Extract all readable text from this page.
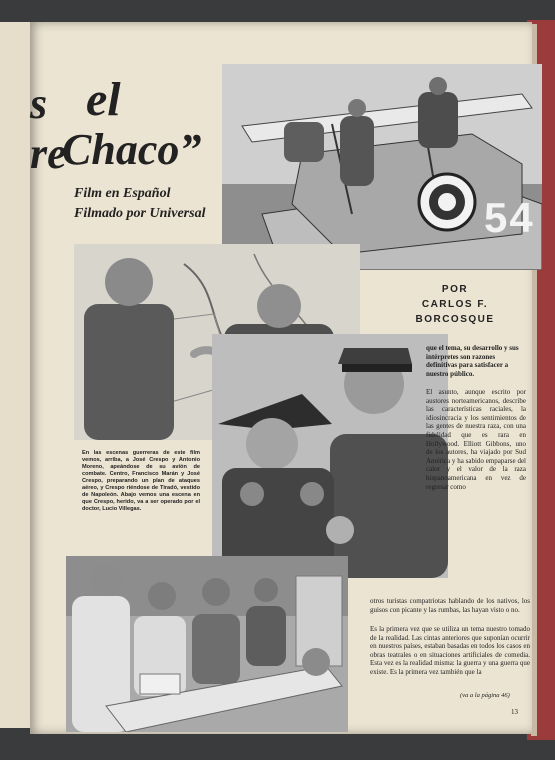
s
re
el
Chaco”

Film en Español

Filmado por Universal	54

En las escenas guerreras de este film vemos, arriba, a José Crespo y Antonio Moreno, apeándose de su avión de combate. Centro, Francisco Marán y José Crespo, preparando un plan de ataques aéreo, y Crespo riéndose de Tiradó, vestido de Napoleón. Abajo vemos una escena en que Crespo, herido, va a ser operado por el doctor, Lucio Villegas.

POR

CARLOS F.

BORCOSQUE

que el tema, su desarrollo y sus intérpretes son razones definitivas para satisfacer a nuestro público.

El asunto, aunque escrito por austores norteamericanos, describe las características raciales, la idiosincracia y los sentimientos de las gentes de nuestra raza, con una fidelidad que es rara en Hollywood. Elliott Gibbons, uno de los autores, ha viajado por Sud América y ha sabido empaparse del calor y el valor de la raza hispanoamericana en vez de regresar como

otros turistas compatriotas hablando de los nativos, los guisos con picante y las rumbas, las hayan visto o no.

Es la primera vez que se utiliza un tema nuestro tomado de la realidad. Las cintas anteriores que suponían ocurrir en nuestros países, estaban basadas en todos los casos en obras teatrales o en situaciones artificiales de comedia. Esta vez es la realidad misma: la guerra y una guerra que existe. Es la primera vez también que la

(va a la página 46)
13
